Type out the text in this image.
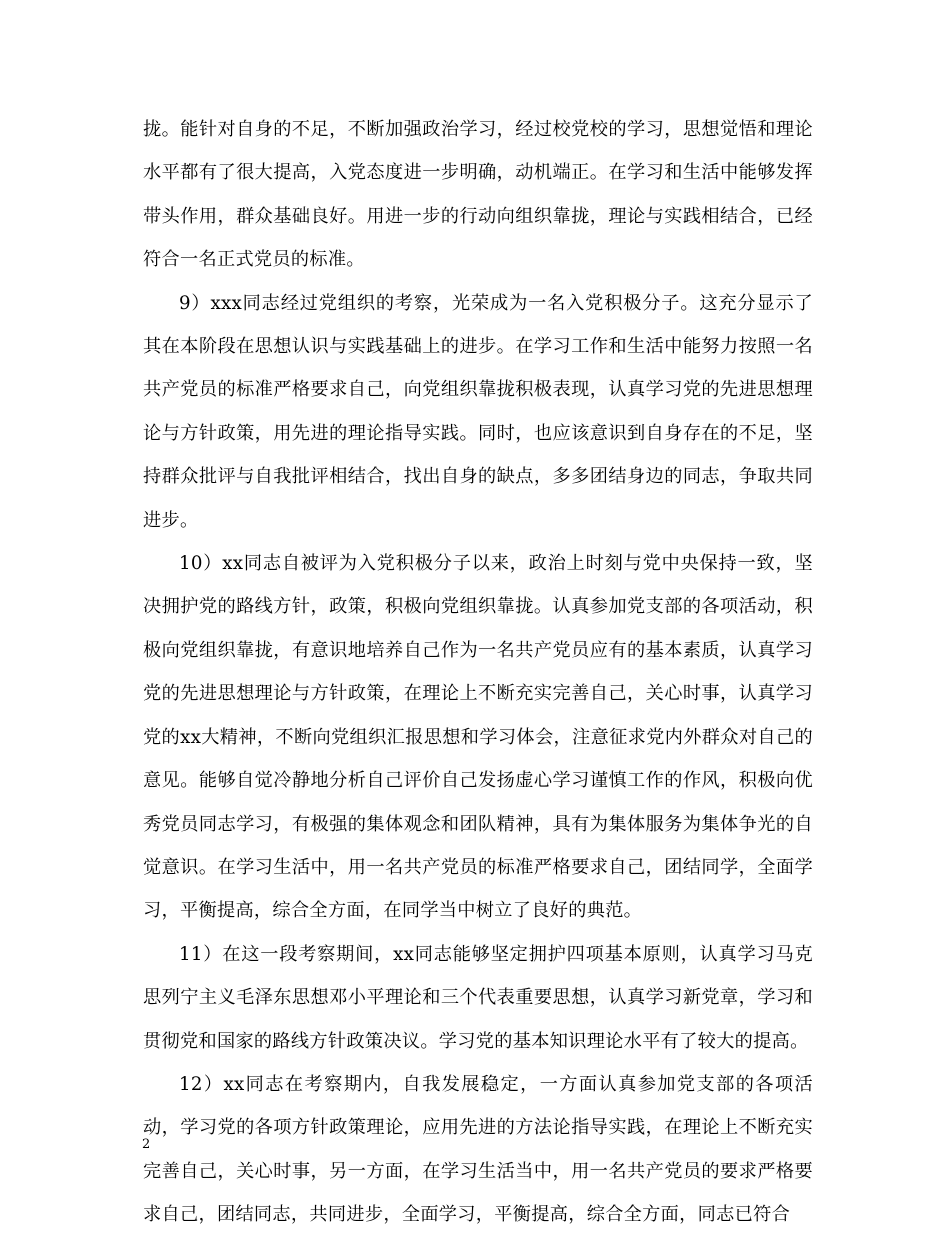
拢。能针对自身的不足，不断加强政治学习，经过校党校的学习，思想觉悟和理论水平都有了很大提高，入党态度进一步明确，动机端正。在学习和生活中能够发挥带头作用，群众基础良好。用进一步的行动向组织靠拢，理论与实践相结合，已经符合一名正式党员的标准。

9）xxx同志经过党组织的考察，光荣成为一名入党积极分子。这充分显示了其在本阶段在思想认识与实践基础上的进步。在学习工作和生活中能努力按照一名共产党员的标准严格要求自己，向党组织靠拢积极表现，认真学习党的先进思想理论与方针政策，用先进的理论指导实践。同时，也应该意识到自身存在的不足，坚持群众批评与自我批评相结合，找出自身的缺点，多多团结身边的同志，争取共同进步。

10）xx同志自被评为入党积极分子以来，政治上时刻与党中央保持一致，坚决拥护党的路线方针，政策，积极向党组织靠拢。认真参加党支部的各项活动，积极向党组织靠拢，有意识地培养自己作为一名共产党员应有的基本素质，认真学习党的先进思想理论与方针政策，在理论上不断充实完善自己，关心时事，认真学习党的xx大精神，不断向党组织汇报思想和学习体会，注意征求党内外群众对自己的意见。能够自觉冷静地分析自己评价自己发扬虚心学习谨慎工作的作风，积极向优秀党员同志学习，有极强的集体观念和团队精神，具有为集体服务为集体争光的自觉意识。在学习生活中，用一名共产党员的标准严格要求自己，团结同学，全面学习，平衡提高，综合全方面，在同学当中树立了良好的典范。

11）在这一段考察期间，xx同志能够坚定拥护四项基本原则，认真学习马克思列宁主义毛泽东思想邓小平理论和三个代表重要思想，认真学习新党章，学习和贯彻党和国家的路线方针政策决议。学习党的基本知识理论水平有了较大的提高。

12）xx同志在考察期内，自我发展稳定，一方面认真参加党支部的各项活动，学习党的各项方针政策理论，应用先进的方法论指导实践，在理论上不断充实完善自己，关心时事，另一方面，在学习生活当中，用一名共产党员的要求严格要求自己，团结同志，共同进步，全面学习，平衡提高，综合全方面，同志已符合

2
